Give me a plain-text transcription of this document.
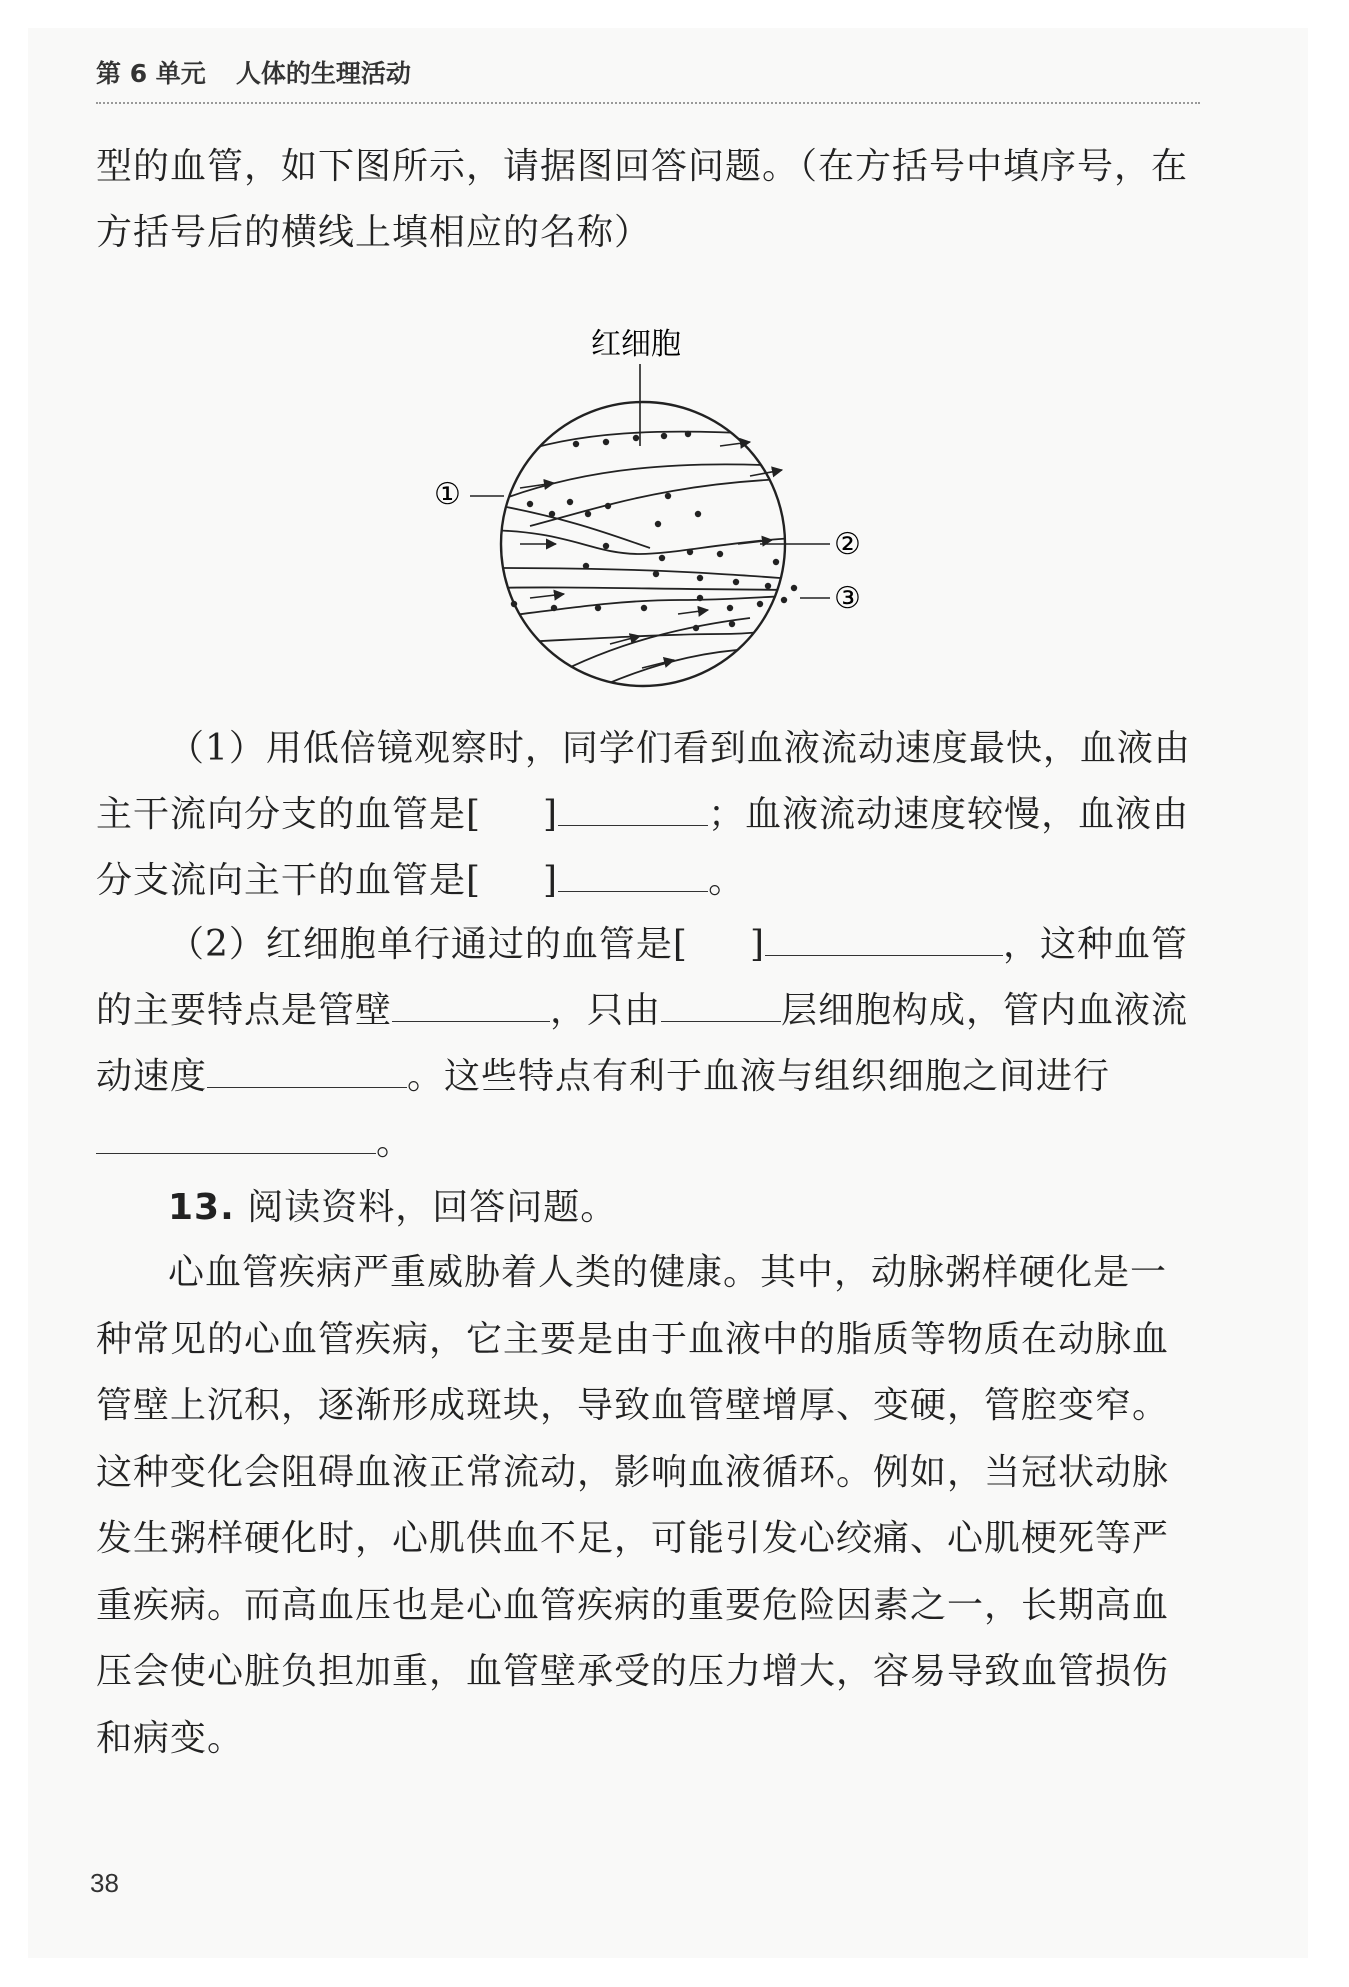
第 6 单元 人体的生理活动
型的血管，如下图所示，请据图回答问题。（在方括号中填序号，在方括号后的横线上填相应的名称）
红细胞
①
②
③
（1）用低倍镜观察时，同学们看到血液流动速度最快，血液由主干流向分支的血管是[ ]	；血液流动速度较慢，血液由分支流向主干的血管是[ ]	。
（2）红细胞单行通过的血管是[ ]	，这种血管的主要特点是管壁	，只由	层细胞构成，管内血液流动速度	。这些特点有利于血液与组织细胞之间进行。
13. 阅读资料，回答问题。
心血管疾病严重威胁着人类的健康。其中，动脉粥样硬化是一种常见的心血管疾病，它主要是由于血液中的脂质等物质在动脉血管壁上沉积，逐渐形成斑块，导致血管壁增厚、变硬，管腔变窄。这种变化会阻碍血液正常流动，影响血液循环。例如，当冠状动脉发生粥样硬化时，心肌供血不足，可能引发心绞痛、心肌梗死等严重疾病。而高血压也是心血管疾病的重要危险因素之一，长期高血压会使心脏负担加重，血管壁承受的压力增大，容易导致血管损伤和病变。
38
